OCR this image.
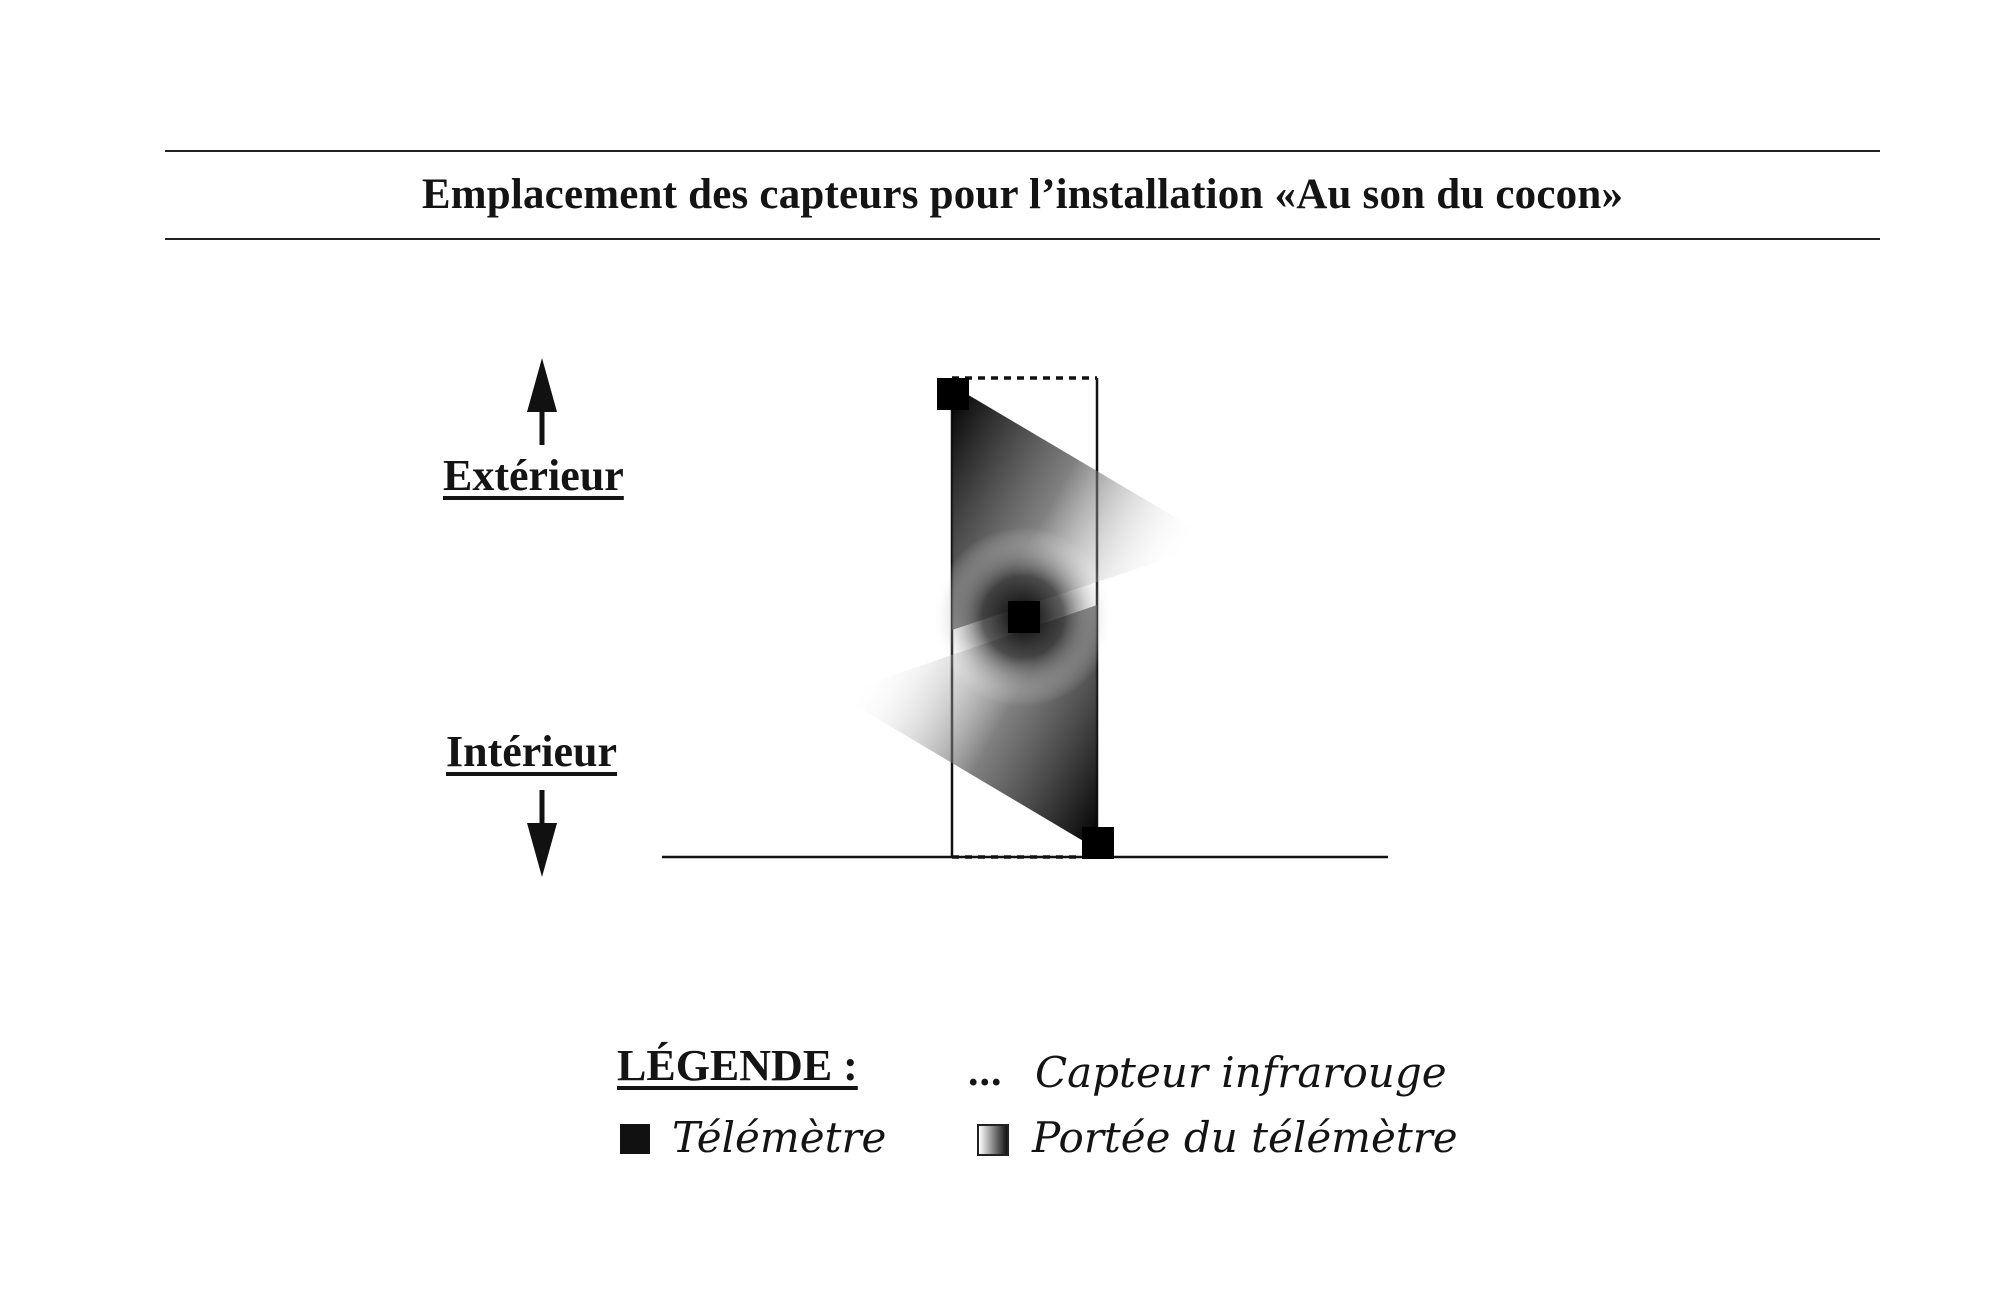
Emplacement des capteurs pour l’installation «Au son du cocon»
Extérieur
Intérieur
LÉGENDE :	... Capteur infrarouge
Télémètre	Portée du télémètre
